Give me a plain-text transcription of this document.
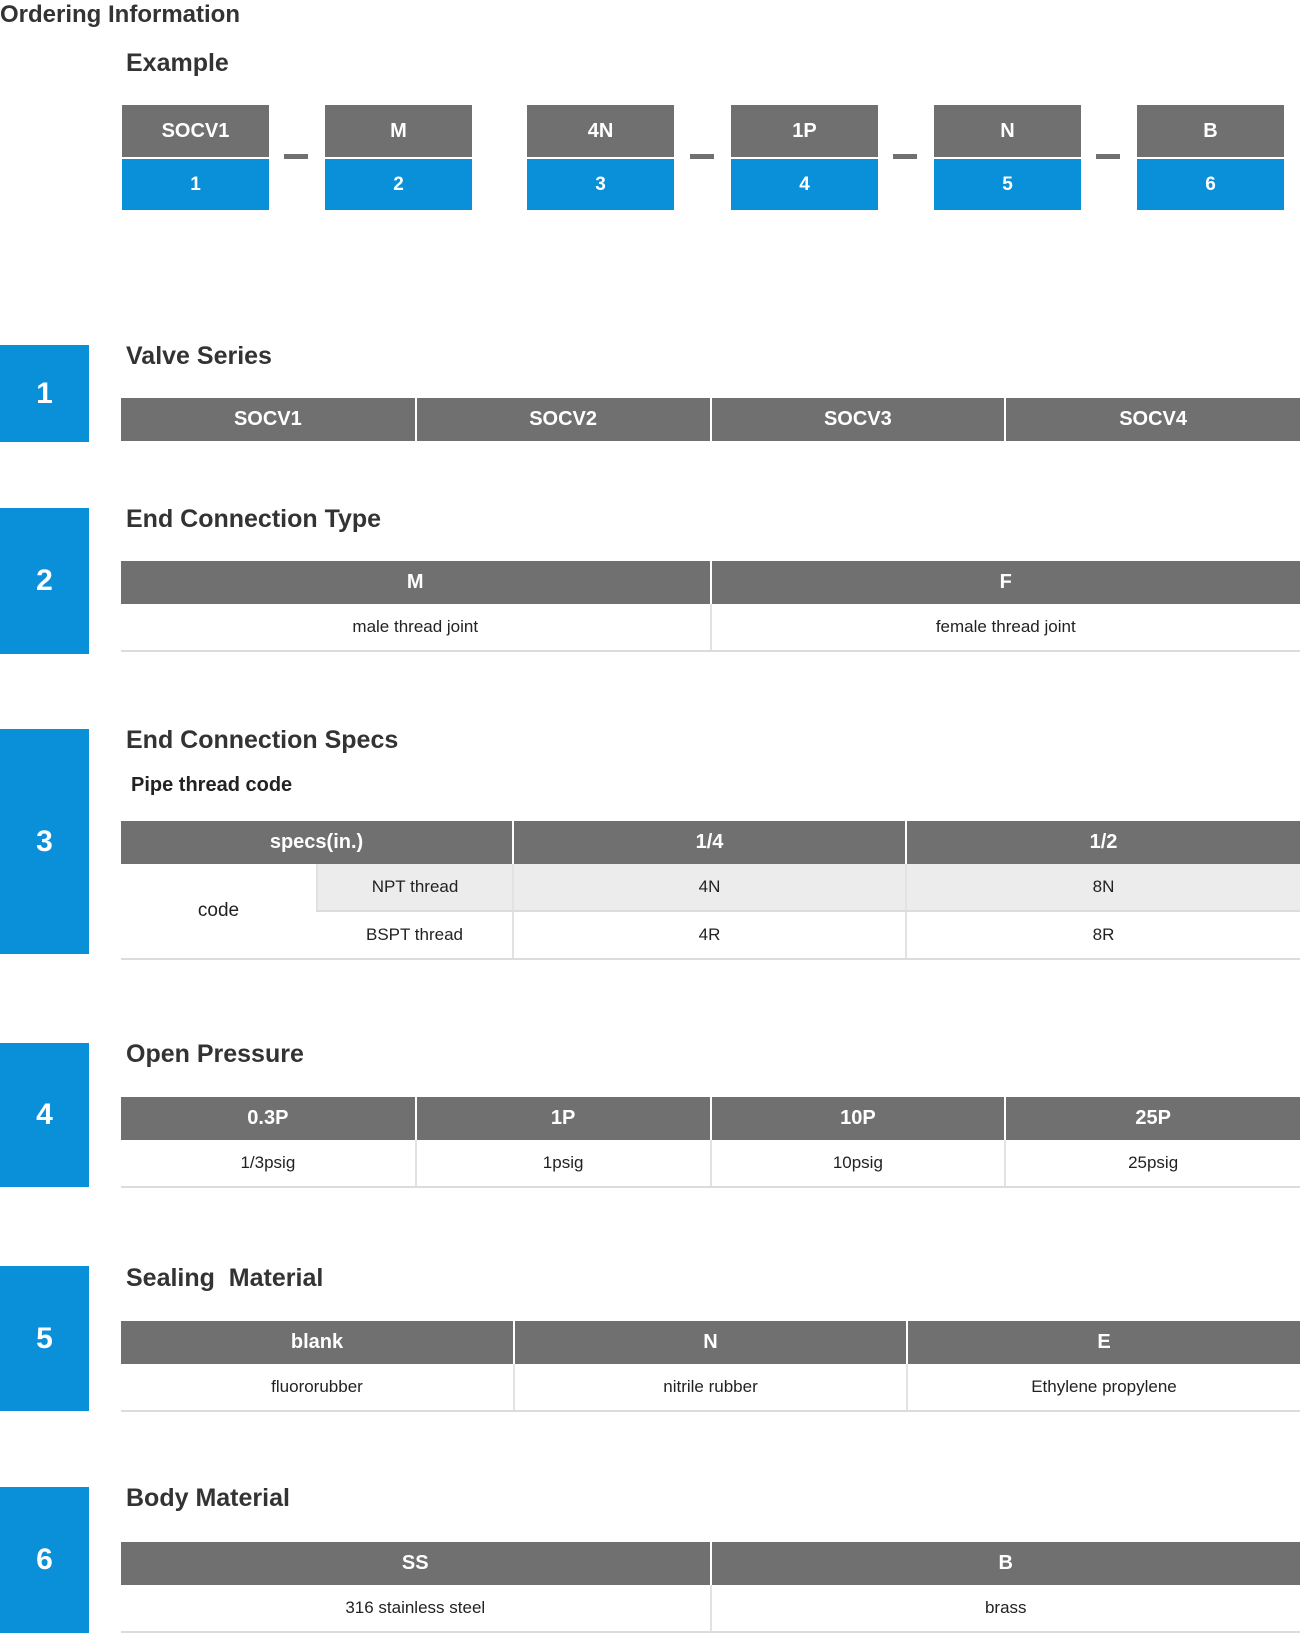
Ordering Information
Example
SOCV1
1
M
2
4N
3
1P
4
N
5
B
6
1
Valve Series
SOCV1	SOCV2	SOCV3	SOCV4
2
End Connection Type
M	F
male thread joint	female thread joint
3
End Connection Specs
Pipe thread code
specs(in.)		1/4	1/2
code	NPT thread	4N	8N
	BSPT thread	4R	8R
4
Open Pressure
0.3P	1P	10P	25P
1/3psig	1psig	10psig	25psig
5
Sealing  Material
blank	N	E
fluororubber	nitrile rubber	Ethylene propylene
6
Body Material
SS	B
316 stainless steel	brass
